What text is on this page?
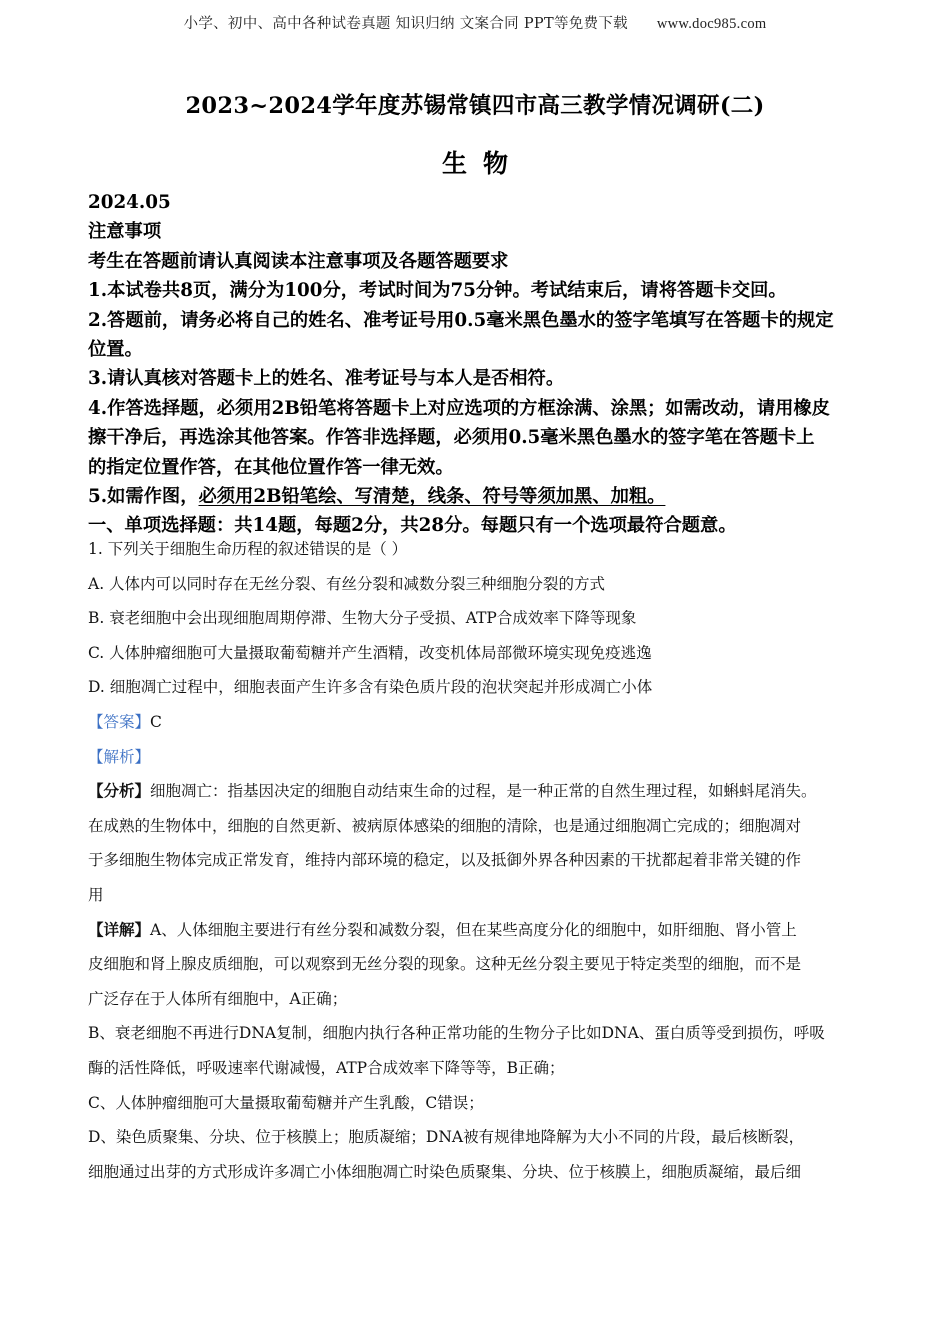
小学、初中、高中各种试卷真题 知识归纳 文案合同 PPT等免费下载 www.doc985.com
2023~2024学年度苏锡常镇四市高三教学情况调研(二)
生物
2024.05
注意事项
考生在答题前请认真阅读本注意事项及各题答题要求
1.本试卷共8页，满分为100分，考试时间为75分钟。考试结束后，请将答题卡交回。
2.答题前，请务必将自己的姓名、准考证号用0.5毫米黑色墨水的签字笔填写在答题卡的规定
位置。
3.请认真核对答题卡上的姓名、准考证号与本人是否相符。
4.作答选择题，必须用2B铅笔将答题卡上对应选项的方框涂满、涂黑；如需改动，请用橡皮
擦干净后，再选涂其他答案。作答非选择题，必须用0.5毫米黑色墨水的签字笔在答题卡上
的指定位置作答，在其他位置作答一律无效。
5.如需作图，必须用2B铅笔绘、写清楚，线条、符号等须加黑、加粗。
一、单项选择题：共14题，每题2分，共28分。每题只有一个选项最符合题意。
1. 下列关于细胞生命历程的叙述错误的是（ ）
A. 人体内可以同时存在无丝分裂、有丝分裂和减数分裂三种细胞分裂的方式
B. 衰老细胞中会出现细胞周期停滞、生物大分子受损、ATP合成效率下降等现象
C. 人体肿瘤细胞可大量摄取葡萄糖并产生酒精，改变机体局部微环境实现免疫逃逸
D. 细胞凋亡过程中，细胞表面产生许多含有染色质片段的泡状突起并形成凋亡小体
【答案】C
【解析】
【分析】细胞凋亡：指基因决定的细胞自动结束生命的过程，是一种正常的自然生理过程，如蝌蚪尾消失。
在成熟的生物体中，细胞的自然更新、被病原体感染的细胞的清除，也是通过细胞凋亡完成的；细胞凋对
于多细胞生物体完成正常发育，维持内部环境的稳定，以及抵御外界各种因素的干扰都起着非常关键的作
用
【详解】A、人体细胞主要进行有丝分裂和减数分裂，但在某些高度分化的细胞中，如肝细胞、肾小管上
皮细胞和肾上腺皮质细胞，可以观察到无丝分裂的现象。这种无丝分裂主要见于特定类型的细胞，而不是
广泛存在于人体所有细胞中，A正确；
B、衰老细胞不再进行DNA复制，细胞内执行各种正常功能的生物分子比如DNA、蛋白质等受到损伤，呼吸
酶的活性降低，呼吸速率代谢减慢，ATP合成效率下降等等，B正确；
C、人体肿瘤细胞可大量摄取葡萄糖并产生乳酸，C错误；
D、染色质聚集、分块、位于核膜上；胞质凝缩；DNA被有规律地降解为大小不同的片段，最后核断裂，
细胞通过出芽的方式形成许多凋亡小体细胞凋亡时染色质聚集、分块、位于核膜上，细胞质凝缩，最后细
